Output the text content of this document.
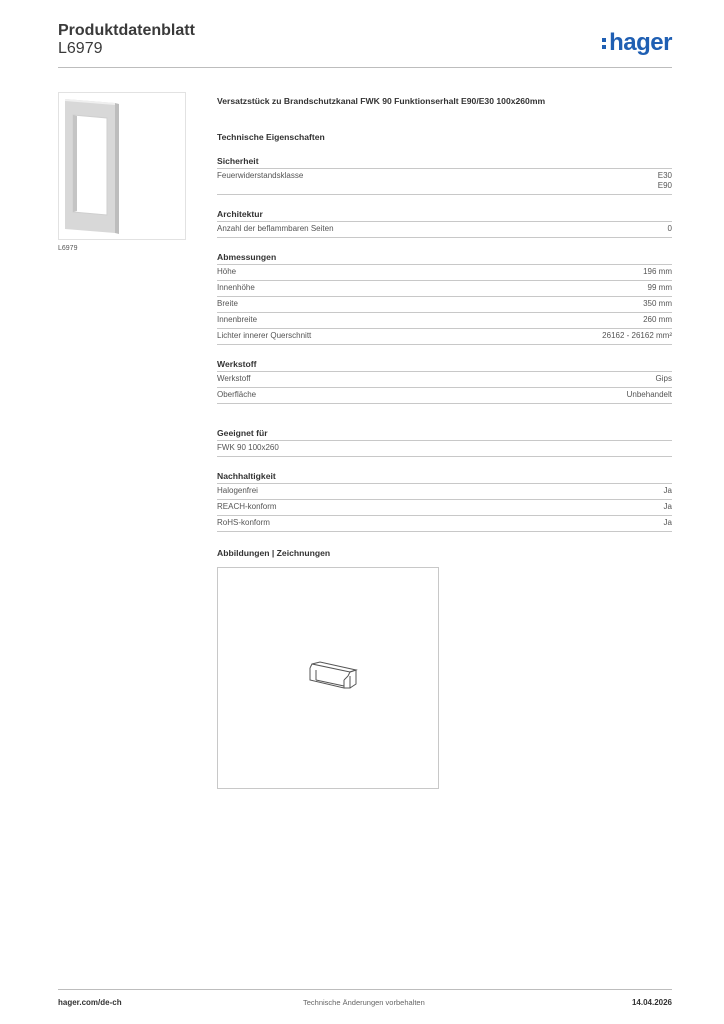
Produktdatenblatt
L6979	hager
L6979
Versatzstück zu Brandschutzkanal FWK 90 Funktionserhalt E90/E30 100x260mm
Technische Eigenschaften
Sicherheit
Feuerwiderstandsklasse	E30
E90
Architektur
Anzahl der beflammbaren Seiten	0
Abmessungen
Höhe	196 mm
Innenhöhe	99 mm
Breite	350 mm
Innenbreite	260 mm
Lichter innerer Querschnitt	26162 - 26162 mm²
Werkstoff
Werkstoff	Gips
Oberfläche	Unbehandelt
Geeignet für
FWK 90 100x260
Nachhaltigkeit
Halogenfrei	Ja
REACH-konform	Ja
RoHS-konform	Ja
Abbildungen | Zeichnungen
hager.com/de-ch	Technische Änderungen vorbehalten	14.04.2026
